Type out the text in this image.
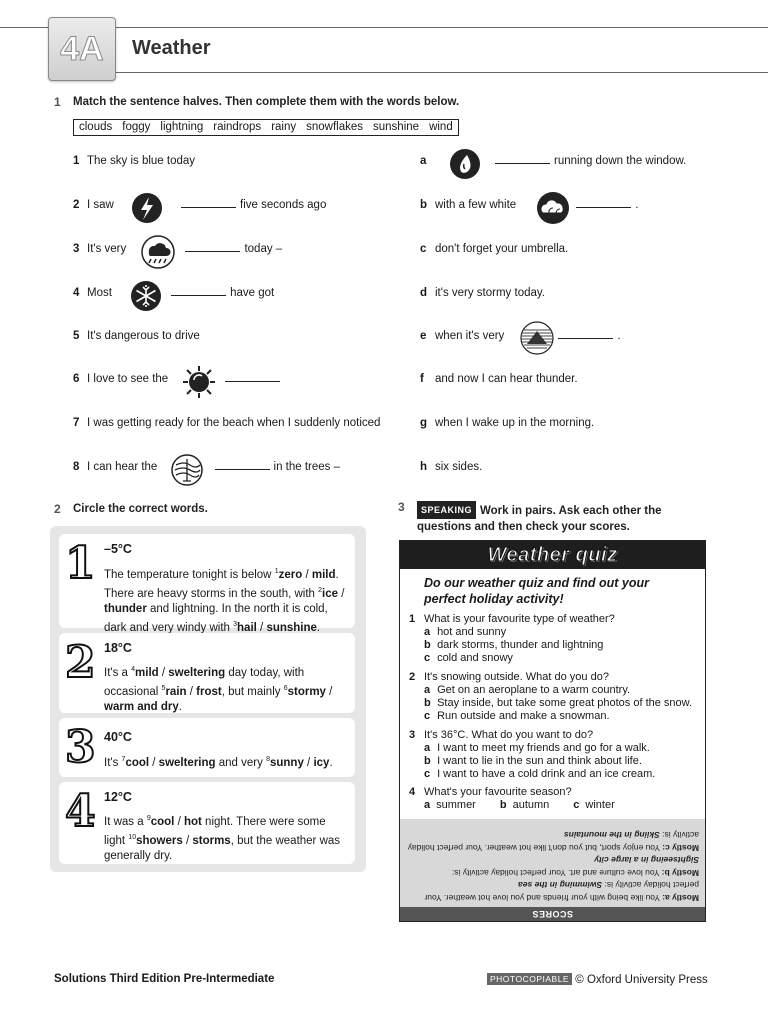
4A	Weather
1 Match the sentence halves. Then complete them with the words below.
clouds foggy lightning raindrops rainy snowflakes sunshine wind
1 The sky is blue today
2 I saw	five seconds ago
3 It's very	today –
4 Most	have got
5 It's dangerous to drive
6 I love to see the
7 I was getting ready for the beach when I suddenly noticed
8 I can hear the	in the trees –
a	running down the window.
b with a few white	.
c don't forget your umbrella.
d it's very stormy today.
e when it's very	.
f and now I can hear thunder.
g when I wake up in the morning.
h six sides.
2 Circle the correct words.
1 –5°C
The temperature tonight is below $^1$zero / mild. There are heavy storms in the south, with $^2$ice / thunder and lightning. In the north it is cold, dark and very windy with $^3$hail / sunshine.
2 18°C
It's a $^4$mild / sweltering day today, with occasional $^5$rain / frost, but mainly $^6$stormy / warm and dry.
3 40°C
It's $^7$cool / sweltering and very $^8$sunny / icy.
4 12°C
It was a $^9$cool / hot night. There were some light $^{10}$showers / storms, but the weather was generally dry.
3	SPEAKING Work in pairs. Ask each other the questions and then check your scores.
Weather quiz
Do our weather quiz and find out your perfect holiday activity!
1 What is your favourite type of weather?
a hot and sunny
b dark storms, thunder and lightning
c cold and snowy
2 It's snowing outside. What do you do?
a Get on an aeroplane to a warm country.
b Stay inside, but take some great photos of the snow.
c Run outside and make a snowman.
3 It's 36°C. What do you want to do?
a I want to meet my friends and go for a walk.
b I want to lie in the sun and think about life.
c I want to have a cold drink and an ice cream.
4 What's your favourite season?
a summer b autumn c winter
SCORES
Mostly a: You like being with your friends and you love hot weather. Your perfect holiday activity is: Swimming in the sea
Mostly b: You love culture and art. Your perfect holiday activity is: Sightseeing in a large city
Mostly c: You enjoy sport, but you don't like hot weather. Your perfect holiday activity is: Skiing in the mountains
Solutions Third Edition Pre-Intermediate	PHOTOCOPIABLE © Oxford University Press
